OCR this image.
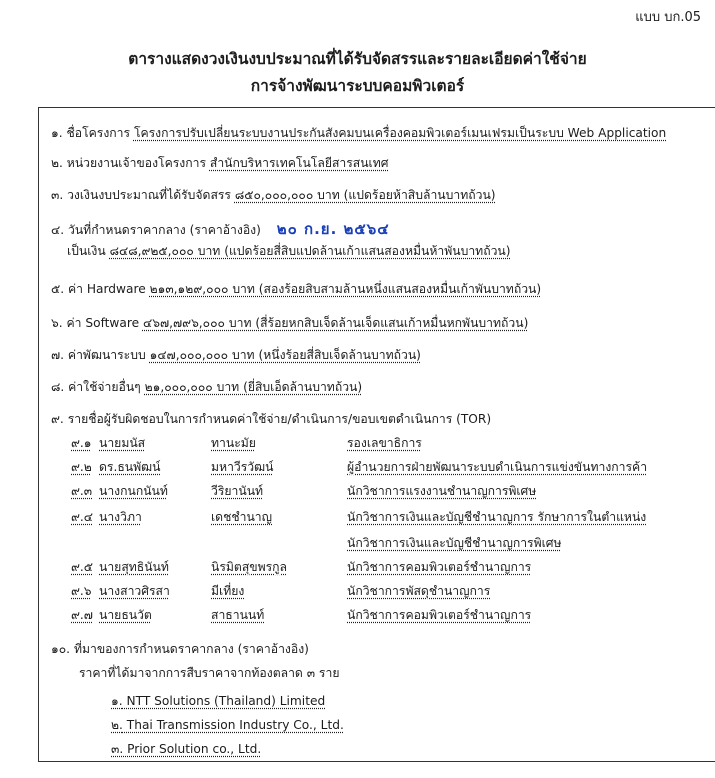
แบบ บก.05
ตารางแสดงวงเงินงบประมาณที่ได้รับจัดสรรและรายละเอียดค่าใช้จ่าย
การจ้างพัฒนาระบบคอมพิวเตอร์
๑. ชื่อโครงการ โครงการปรับเปลี่ยนระบบงานประกันสังคมบนเครื่องคอมพิวเตอร์เมนเฟรมเป็นระบบ Web Application
๒. หน่วยงานเจ้าของโครงการ สำนักบริหารเทคโนโลยีสารสนเทศ
๓. วงเงินงบประมาณที่ได้รับจัดสรร ๘๕๐,๐๐๐,๐๐๐ บาท (แปดร้อยห้าสิบล้านบาทถ้วน)
๔. วันที่กำหนดราคากลาง (ราคาอ้างอิง) ๒๐ ก.ย. ๒๕๖๔
เป็นเงิน ๘๔๘,๙๒๕,๐๐๐ บาท (แปดร้อยสี่สิบแปดล้านเก้าแสนสองหมื่นห้าพันบาทถ้วน)
๕. ค่า Hardware ๒๑๓,๑๒๙,๐๐๐ บาท (สองร้อยสิบสามล้านหนึ่งแสนสองหมื่นเก้าพันบาทถ้วน)
๖. ค่า Software ๔๖๗,๗๙๖,๐๐๐ บาท (สี่ร้อยหกสิบเจ็ดล้านเจ็ดแสนเก้าหมื่นหกพันบาทถ้วน)
๗. ค่าพัฒนาระบบ ๑๔๗,๐๐๐,๐๐๐ บาท (หนึ่งร้อยสี่สิบเจ็ดล้านบาทถ้วน)
๘. ค่าใช้จ่ายอื่นๆ ๒๑,๐๐๐,๐๐๐ บาท (ยี่สิบเอ็ดล้านบาทถ้วน)
๙. รายชื่อผู้รับผิดชอบในการกำหนดค่าใช้จ่าย/ดำเนินการ/ขอบเขตดำเนินการ (TOR)
๙.๑ นายมนัส	ทานะมัย	รองเลขาธิการ
๙.๒ ดร.ธนพัฒน์	มหาวีรวัฒน์	ผู้อำนวยการฝ่ายพัฒนาระบบดำเนินการแข่งขันทางการค้า
๙.๓ นางกนกนันท์	วีริยานันท์	นักวิชาการแรงงานชำนาญการพิเศษ
๙.๔ นางวิภา	เดชชำนาญ	นักวิชาการเงินและบัญชีชำนาญการ รักษาการในตำแหน่ง
นักวิชาการเงินและบัญชีชำนาญการพิเศษ
๙.๕ นายสุทธินันท์	นิรมิตสุขพรกูล	นักวิชาการคอมพิวเตอร์ชำนาญการ
๙.๖ นางสาวศิรสา	มีเที่ยง	นักวิชาการพัสดุชำนาญการ
๙.๗ นายธนวัต	สาธานนท์	นักวิชาการคอมพิวเตอร์ชำนาญการ
๑๐. ที่มาของการกำหนดราคากลาง (ราคาอ้างอิง)
ราคาที่ได้มาจากการสืบราคาจากท้องตลาด ๓ ราย
๑. NTT Solutions (Thailand) Limited
๒. Thai Transmission Industry Co., Ltd.
๓. Prior Solution co., Ltd.
